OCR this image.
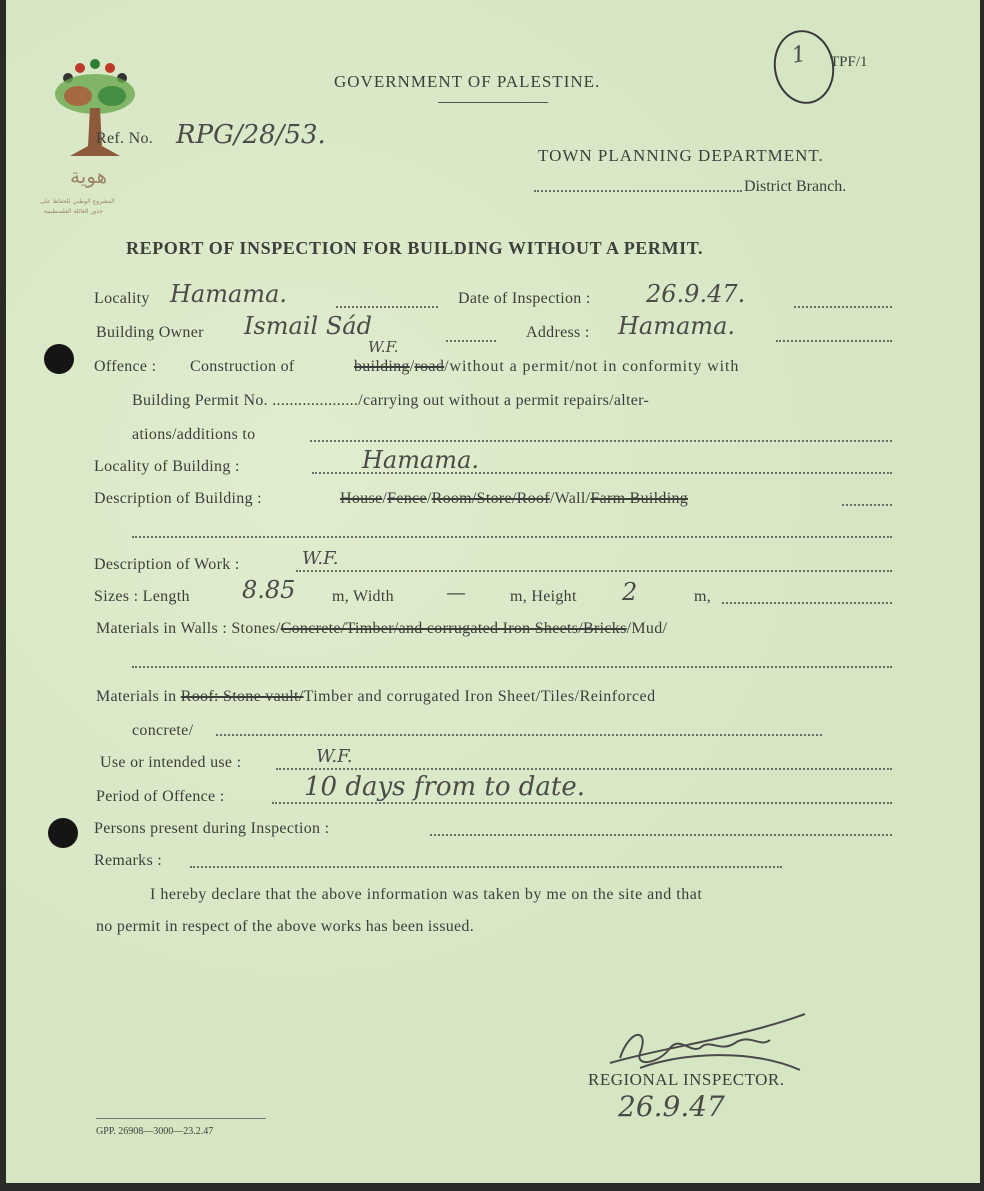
هوية
المشروع الوطني للحفاظ على
جذور العائلة الفلسطينية
1 TPF/1
GOVERNMENT OF PALESTINE.
Ref. No. RPG/28/53.
TOWN PLANNING DEPARTMENT.
District Branch.
REPORT OF INSPECTION FOR BUILDING WITHOUT A PERMIT.
Locality Hamama.	Date of Inspection : 26.9.47.
Building Owner Ismail Sád	Address : Hamama.
Offence : Construction of
W.F.
building/road/without a permit/not in conformity with
Building Permit No. ..................../carrying out without a permit repairs/alter-
ations/additions to
Locality of Building :	Hamama.
Description of Building :	House/Fence/Room/Store/Roof/Wall/Farm Building
Description of Work :	W.F.
Sizes : Length 8.85 m, Width	—	m, Height 2	m,
Materials in Walls : Stones/Concrete/Timber/and corrugated Iron Sheets/Bricks/Mud/
Materials in Roof: Stone vault/Timber and corrugated Iron Sheet/Tiles/Reinforced
concrete/
Use or intended use :	W.F.
Period of Offence :	10 days from to date.
Persons present during Inspection :
Remarks :
I hereby declare that the above information was taken by me on the site and that
no permit in respect of the above works has been issued.
REGIONAL INSPECTOR.
26.9.47
GPP. 26908—3000—23.2.47
